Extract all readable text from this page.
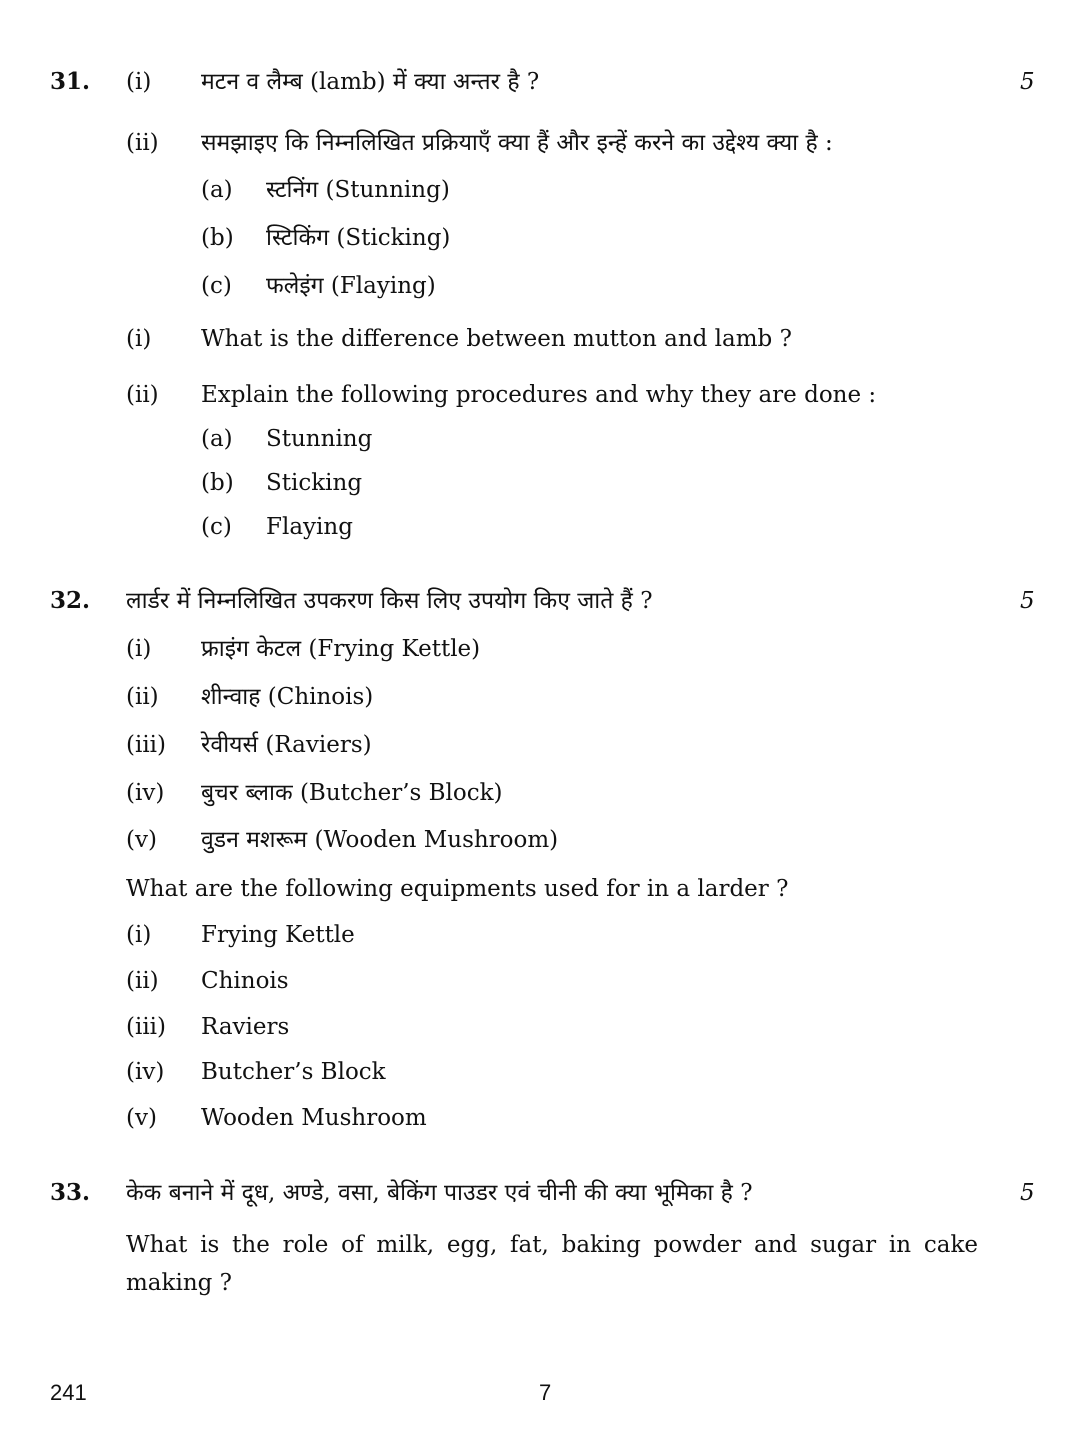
31.	5
(i) मटन व लैम्ब (lamb) में क्या अन्तर है ?
(ii) समझाइए कि निम्नलिखित प्रक्रियाएँ क्या हैं और इन्हें करने का उद्देश्य क्या है :
(a) स्टनिंग (Stunning)
(b) स्टिकिंग (Sticking)
(c) फलेइंग (Flaying)
(i) What is the difference between mutton and lamb ?
(ii) Explain the following procedures and why they are done :
(a) Stunning
(b) Sticking
(c) Flaying
32.	5
लार्डर में निम्नलिखित उपकरण किस लिए उपयोग किए जाते हैं ?
(i) फ्राइंग केटल (Frying Kettle)
(ii) शीन्वाह (Chinois)
(iii) रेवीयर्स (Raviers)
(iv) बुचर ब्लाक (Butcher’s Block)
(v) वुडन मशरूम (Wooden Mushroom)
What are the following equipments used for in a larder ?
(i) Frying Kettle
(ii) Chinois
(iii) Raviers
(iv) Butcher’s Block
(v) Wooden Mushroom
33.	5
केक बनाने में दूध, अण्डे, वसा, बेकिंग पाउडर एवं चीनी की क्या भूमिका है ?
What is the role of milk, egg, fat, baking powder and sugar in cake making ?
241	7
